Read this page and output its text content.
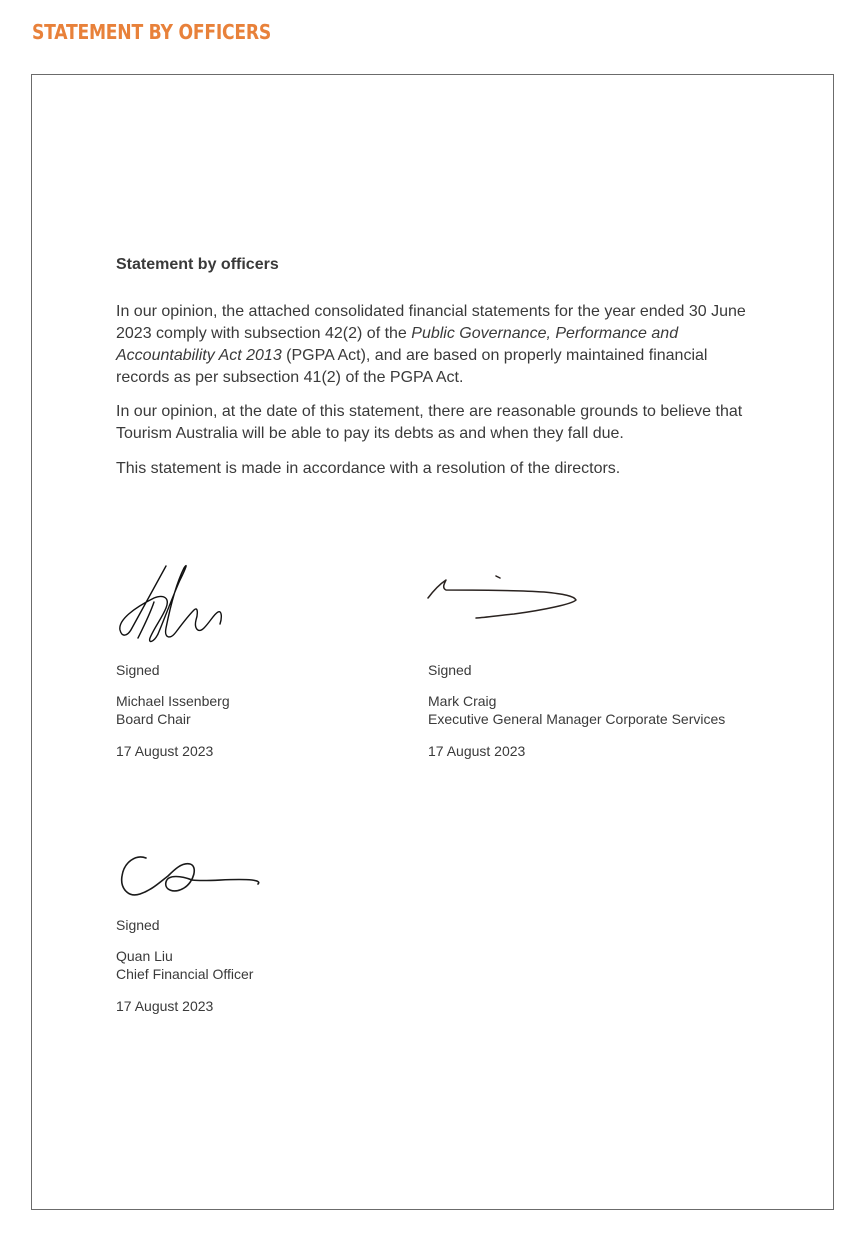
STATEMENT BY OFFICERS
Statement by officers

In our opinion, the attached consolidated financial statements for the year ended 30 June 2023 comply with subsection 42(2) of the Public Governance, Performance and Accountability Act 2013 (PGPA Act), and are based on properly maintained financial records as per subsection 41(2) of the PGPA Act.

In our opinion, at the date of this statement, there are reasonable grounds to believe that Tourism Australia will be able to pay its debts as and when they fall due.

This statement is made in accordance with a resolution of the directors.

Signed

Michael Issenberg

Board Chair

17 August 2023

Signed

Mark Craig

Executive General Manager Corporate Services

17 August 2023

Signed

Quan Liu

Chief Financial Officer

17 August 2023
